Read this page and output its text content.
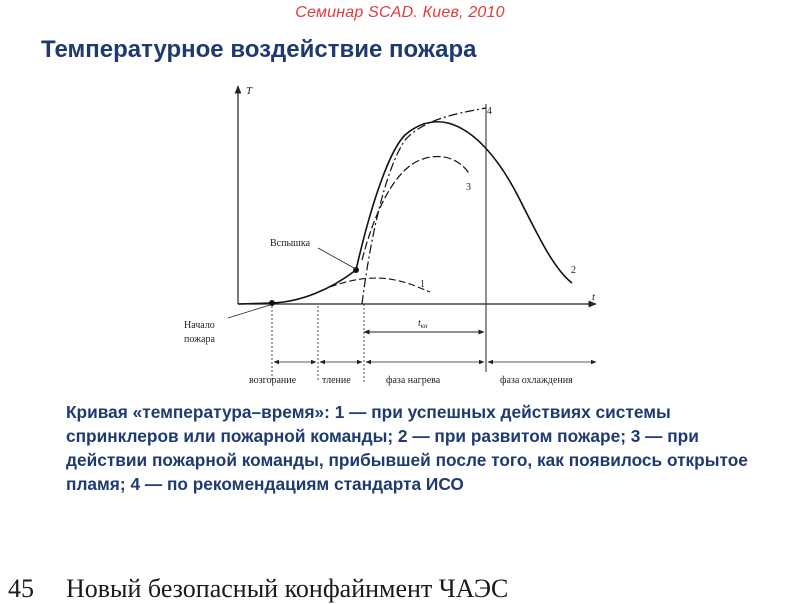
Семинар SCAD. Киев, 2010
Температурное воздействие пожара
T
t
1
2
3
4
Вспышка
Начало
пожара
$t_{кн}$
возгорание	тление	фаза нагрева	фаза охлаждения
Кривая «температура–время»: 1 — при успешных действиях системы спринклеров или пожарной команды; 2 — при развитом пожаре; 3 — при действии пожарной команды, прибывшей после того, как появилось открытое пламя; 4 — по рекомендациям стандарта ИСО
45 Новый безопасный конфайнмент ЧАЭС
